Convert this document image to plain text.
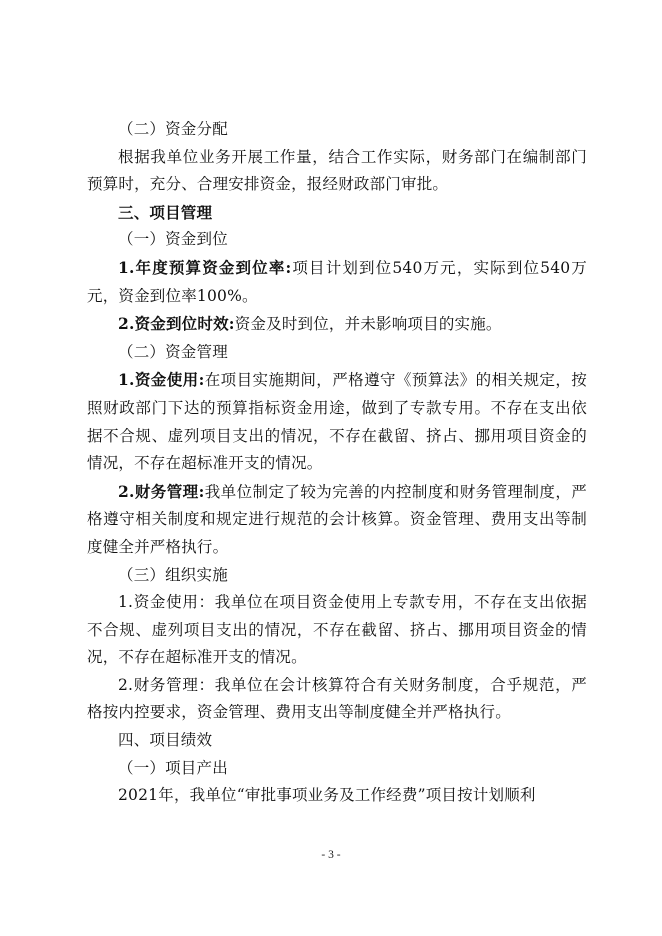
（二）资金分配

根据我单位业务开展工作量，结合工作实际，财务部门在编制部门预算时，充分、合理安排资金，报经财政部门审批。

三、项目管理

（一）资金到位

1.年度预算资金到位率:项目计划到位540万元，实际到位540万元，资金到位率100%。

2.资金到位时效:资金及时到位，并未影响项目的实施。

（二）资金管理

1.资金使用:在项目实施期间，严格遵守《预算法》的相关规定，按照财政部门下达的预算指标资金用途，做到了专款专用。不存在支出依据不合规、虚列项目支出的情况，不存在截留、挤占、挪用项目资金的情况，不存在超标准开支的情况。

2.财务管理:我单位制定了较为完善的内控制度和财务管理制度，严格遵守相关制度和规定进行规范的会计核算。资金管理、费用支出等制度健全并严格执行。

（三）组织实施

1.资金使用：我单位在项目资金使用上专款专用，不存在支出依据不合规、虚列项目支出的情况，不存在截留、挤占、挪用项目资金的情况，不存在超标准开支的情况。

2.财务管理：我单位在会计核算符合有关财务制度，合乎规范，严格按内控要求，资金管理、费用支出等制度健全并严格执行。

四、项目绩效

（一）项目产出

2021年，我单位“审批事项业务及工作经费”项目按计划顺利

- 3 -
